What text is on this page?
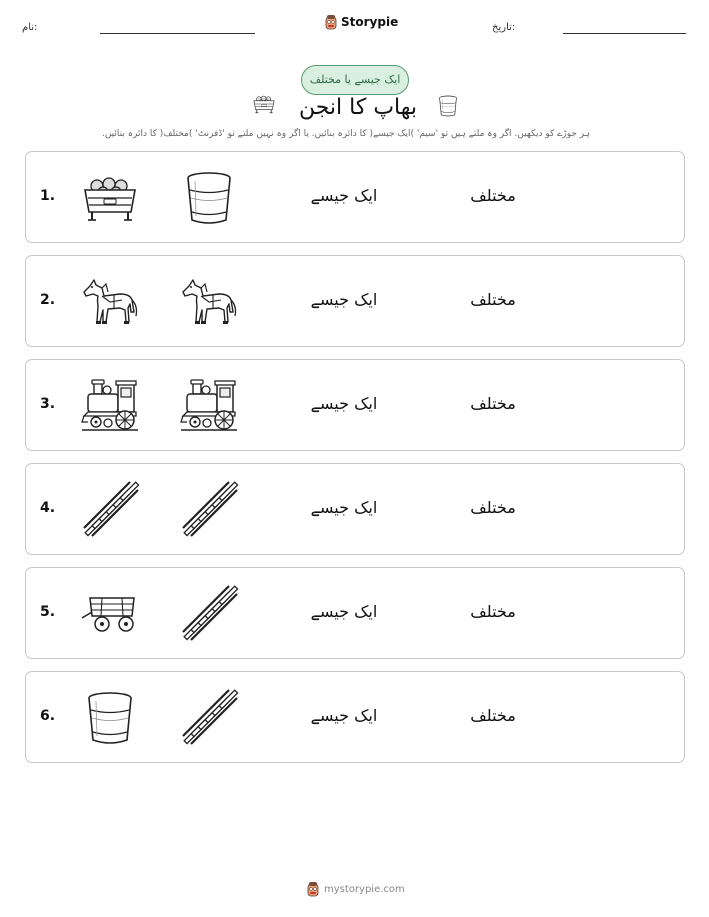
نام:	Storypie	تاریخ:
ایک جیسے یا مختلف
بھاپ کا انجن
ہر جوڑے کو دیکھیں. اگر وہ ملتے ہیں تو 'سیم' )ایک جیسے( کا دائرہ بنائیں. یا اگر وہ نہیں ملتے تو 'ڈفرنٹ' )مختلف( کا دائرہ بنائیں.
1.	ایک جیسے	مختلف
2.	ایک جیسے	مختلف
3.	ایک جیسے	مختلف
4.	ایک جیسے	مختلف
5.	ایک جیسے	مختلف
6.	ایک جیسے	مختلف
mystorypie.com
